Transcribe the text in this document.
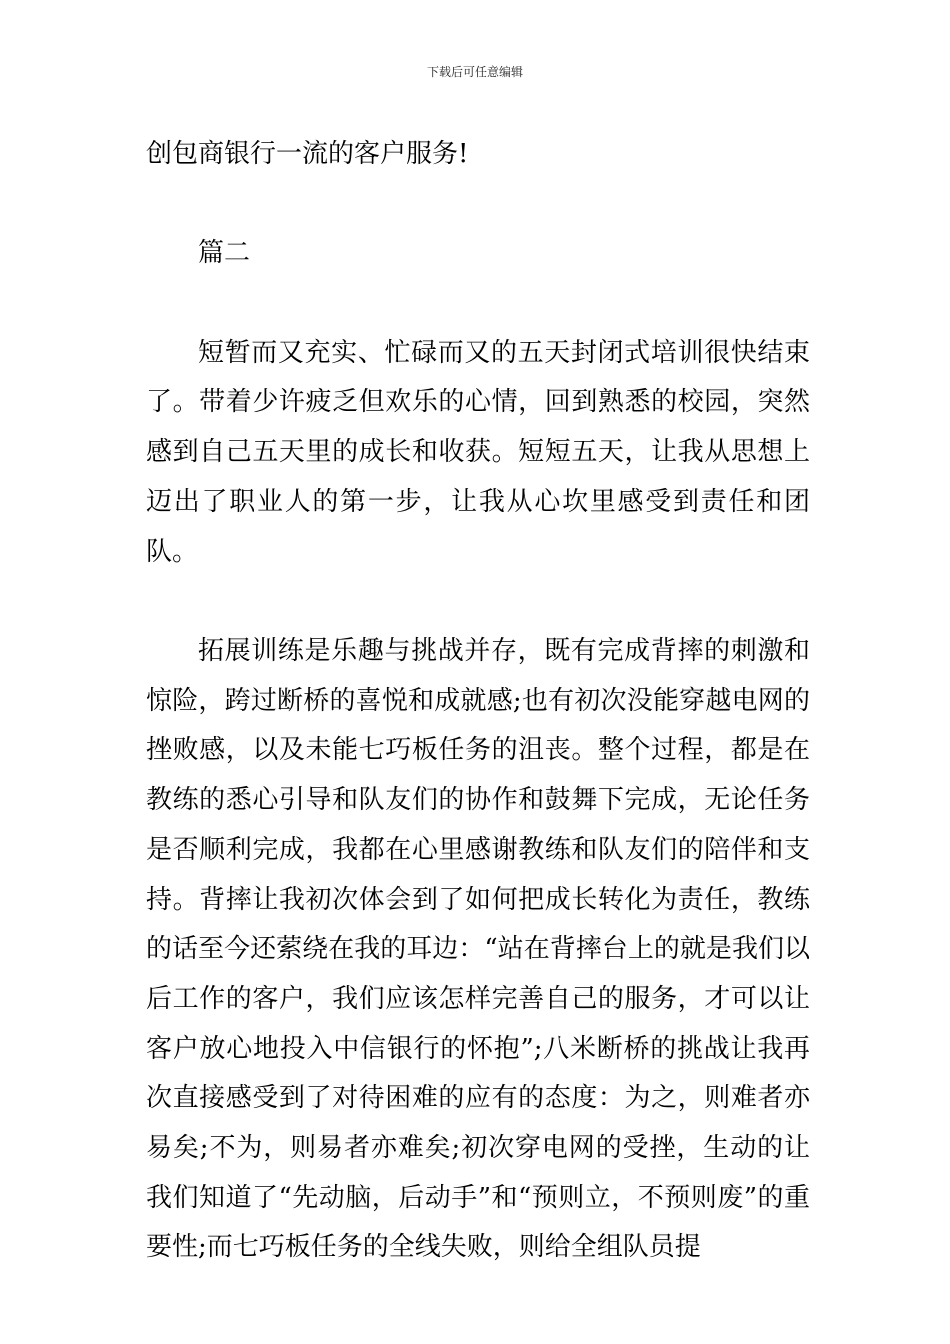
下载后可任意编辑

创包商银行一流的客户服务!

篇二

短暂而又充实、忙碌而又的五天封闭式培训很快结束了。带着少许疲乏但欢乐的心情，回到熟悉的校园，突然感到自己五天里的成长和收获。短短五天，让我从思想上迈出了职业人的第一步，让我从心坎里感受到责任和团队。

拓展训练是乐趣与挑战并存，既有完成背摔的刺激和惊险，跨过断桥的喜悦和成就感;也有初次没能穿越电网的挫败感，以及未能七巧板任务的沮丧。整个过程，都是在教练的悉心引导和队友们的协作和鼓舞下完成，无论任务是否顺利完成，我都在心里感谢教练和队友们的陪伴和支持。背摔让我初次体会到了如何把成长转化为责任，教练的话至今还萦绕在我的耳边：“站在背摔台上的就是我们以后工作的客户，我们应该怎样完善自己的服务，才可以让客户放心地投入中信银行的怀抱”;八米断桥的挑战让我再次直接感受到了对待困难的应有的态度：为之，则难者亦易矣;不为，则易者亦难矣;初次穿电网的受挫，生动的让我们知道了“先动脑，后动手”和“预则立，不预则废”的重要性;而七巧板任务的全线失败，则给全组队员提
